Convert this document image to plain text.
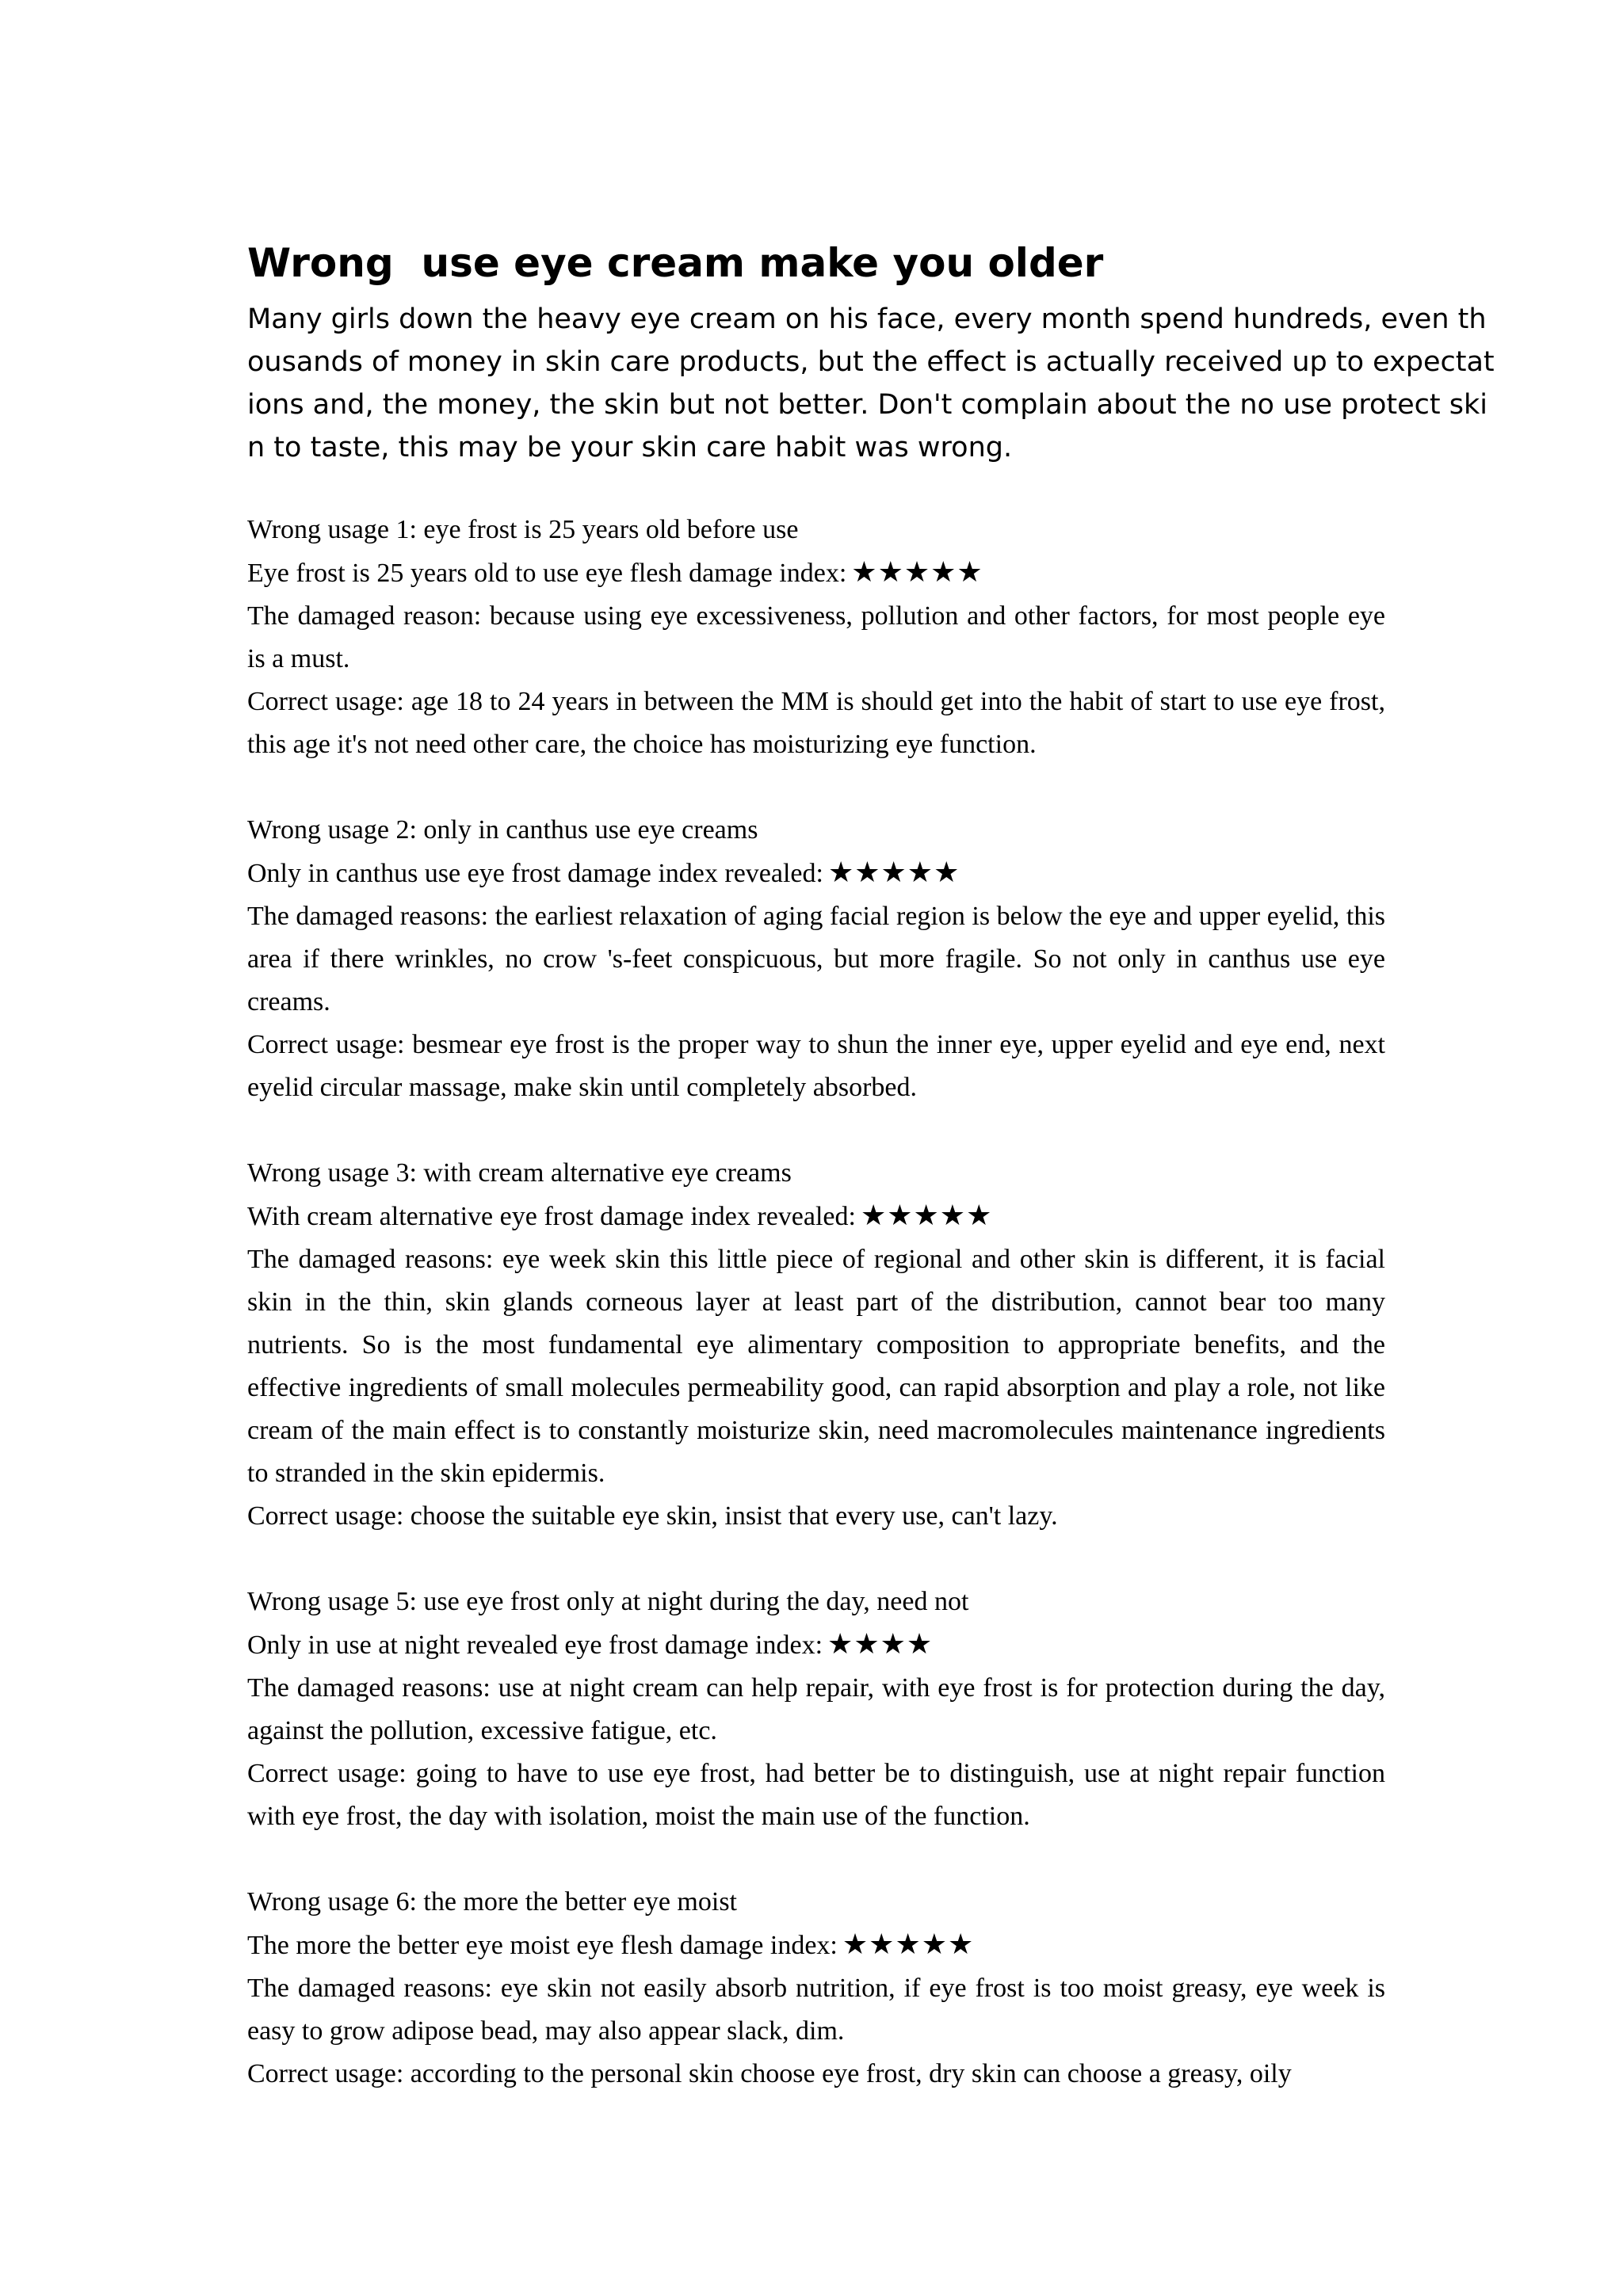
Wrong  use eye cream make you older

Many girls down the heavy eye cream on his face, every month spend hundreds, even th
ousands of money in skin care products, but the effect is actually received up to expectat
ions and, the money, the skin but not better. Don't complain about the no use protect ski
n to taste, this may be your skin care habit was wrong.

Wrong usage 1: eye frost is 25 years old before use

Eye frost is 25 years old to use eye flesh damage index: ★★★★★

The damaged reason: because using eye excessiveness, pollution and other factors, for most people eye is a must.

Correct usage: age 18 to 24 years in between the MM is should get into the habit of start to use eye frost, this age it's not need other care, the choice has moisturizing eye function.

Wrong usage 2: only in canthus use eye creams

Only in canthus use eye frost damage index revealed: ★★★★★

The damaged reasons: the earliest relaxation of aging facial region is below the eye and upper eyelid, this area if there wrinkles, no crow 's-feet conspicuous, but more fragile. So not only in canthus use eye creams.

Correct usage: besmear eye frost is the proper way to shun the inner eye, upper eyelid and eye end, next eyelid circular massage, make skin until completely absorbed.

Wrong usage 3: with cream alternative eye creams

With cream alternative eye frost damage index revealed: ★★★★★

The damaged reasons: eye week skin this little piece of regional and other skin is different, it is facial skin in the thin, skin glands corneous layer at least part of the distribution, cannot bear too many nutrients. So is the most fundamental eye alimentary composition to appropriate benefits, and the effective ingredients of small molecules permeability good, can rapid absorption and play a role, not like cream of the main effect is to constantly moisturize skin, need macromolecules maintenance ingredients to stranded in the skin epidermis.

Correct usage: choose the suitable eye skin, insist that every use, can't lazy.

Wrong usage 5: use eye frost only at night during the day, need not

Only in use at night revealed eye frost damage index: ★★★★

The damaged reasons: use at night cream can help repair, with eye frost is for protection during the day, against the pollution, excessive fatigue, etc.

Correct usage: going to have to use eye frost, had better be to distinguish, use at night repair function with eye frost, the day with isolation, moist the main use of the function.

Wrong usage 6: the more the better eye moist

The more the better eye moist eye flesh damage index: ★★★★★

The damaged reasons: eye skin not easily absorb nutrition, if eye frost is too moist greasy, eye week is easy to grow adipose bead, may also appear slack, dim.

Correct usage: according to the personal skin choose eye frost, dry skin can choose a greasy, oily
